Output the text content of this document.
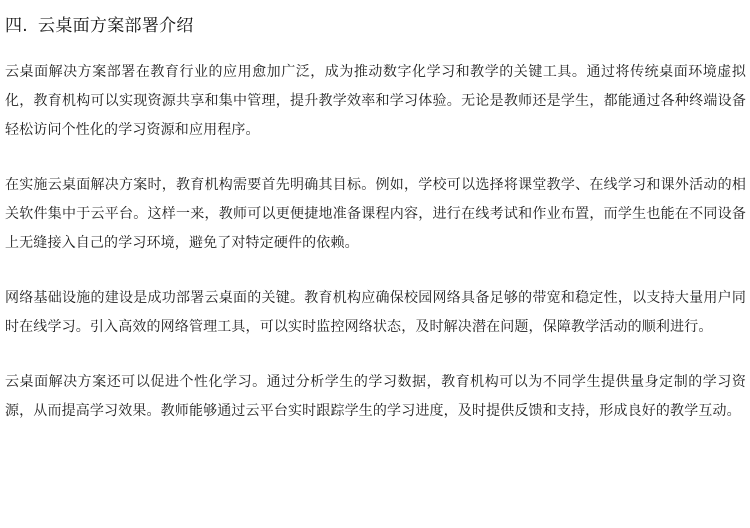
四. 云桌面方案部署介绍

云桌面解决方案部署在教育行业的应用愈加广泛，成为推动数字化学习和教学的关键工具。通过将传统桌面环境虚拟化，教育机构可以实现资源共享和集中管理，提升教学效率和学习体验。无论是教师还是学生，都能通过各种终端设备轻松访问个性化的学习资源和应用程序。

在实施云桌面解决方案时，教育机构需要首先明确其目标。例如，学校可以选择将课堂教学、在线学习和课外活动的相关软件集中于云平台。这样一来，教师可以更便捷地准备课程内容，进行在线考试和作业布置，而学生也能在不同设备上无缝接入自己的学习环境，避免了对特定硬件的依赖。

网络基础设施的建设是成功部署云桌面的关键。教育机构应确保校园网络具备足够的带宽和稳定性，以支持大量用户同时在线学习。引入高效的网络管理工具，可以实时监控网络状态，及时解决潜在问题，保障教学活动的顺利进行。

云桌面解决方案还可以促进个性化学习。通过分析学生的学习数据，教育机构可以为不同学生提供量身定制的学习资源，从而提高学习效果。教师能够通过云平台实时跟踪学生的学习进度，及时提供反馈和支持，形成良好的教学互动。
